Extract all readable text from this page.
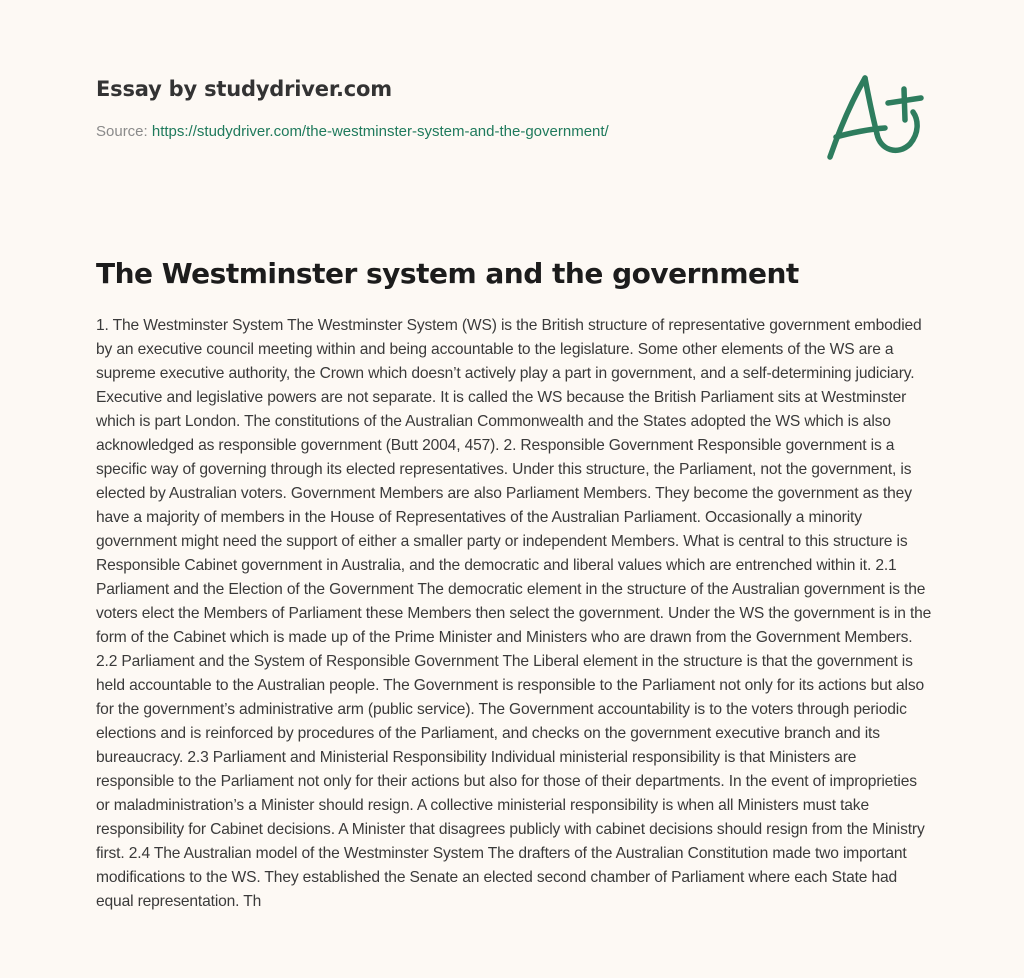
Essay by studydriver.com
Source: https://studydriver.com/the-westminster-system-and-the-government/
The Westminster system and the government

1. The Westminster System The Westminster System (WS) is the British structure of representative government embodied by an executive council meeting within and being accountable to the legislature. Some other elements of the WS are a supreme executive authority, the Crown which doesn’t actively play a part in government, and a self-determining judiciary. Executive and legislative powers are not separate. It is called the WS because the British Parliament sits at Westminster which is part London. The constitutions of the Australian Commonwealth and the States adopted the WS which is also acknowledged as responsible government (Butt 2004, 457). 2. Responsible Government Responsible government is a specific way of governing through its elected representatives. Under this structure, the Parliament, not the government, is elected by Australian voters. Government Members are also Parliament Members. They become the government as they have a majority of members in the House of Representatives of the Australian Parliament. Occasionally a minority government might need the support of either a smaller party or independent Members. What is central to this structure is Responsible Cabinet government in Australia, and the democratic and liberal values which are entrenched within it. 2.1 Parliament and the Election of the Government The democratic element in the structure of the Australian government is the voters elect the Members of Parliament these Members then select the government. Under the WS the government is in the form of the Cabinet which is made up of the Prime Minister and Ministers who are drawn from the Government Members. 2.2 Parliament and the System of Responsible Government The Liberal element in the structure is that the government is held accountable to the Australian people. The Government is responsible to the Parliament not only for its actions but also for the government’s administrative arm (public service). The Government accountability is to the voters through periodic elections and is reinforced by procedures of the Parliament, and checks on the government executive branch and its bureaucracy. 2.3 Parliament and Ministerial Responsibility Individual ministerial responsibility is that Ministers are responsible to the Parliament not only for their actions but also for those of their departments. In the event of improprieties or maladministration’s a Minister should resign. A collective ministerial responsibility is when all Ministers must take responsibility for Cabinet decisions. A Minister that disagrees publicly with cabinet decisions should resign from the Ministry first. 2.4 The Australian model of the Westminster System The drafters of the Australian Constitution made two important modifications to the WS. They established the Senate an elected second chamber of Parliament where each State had equal representation. Th
